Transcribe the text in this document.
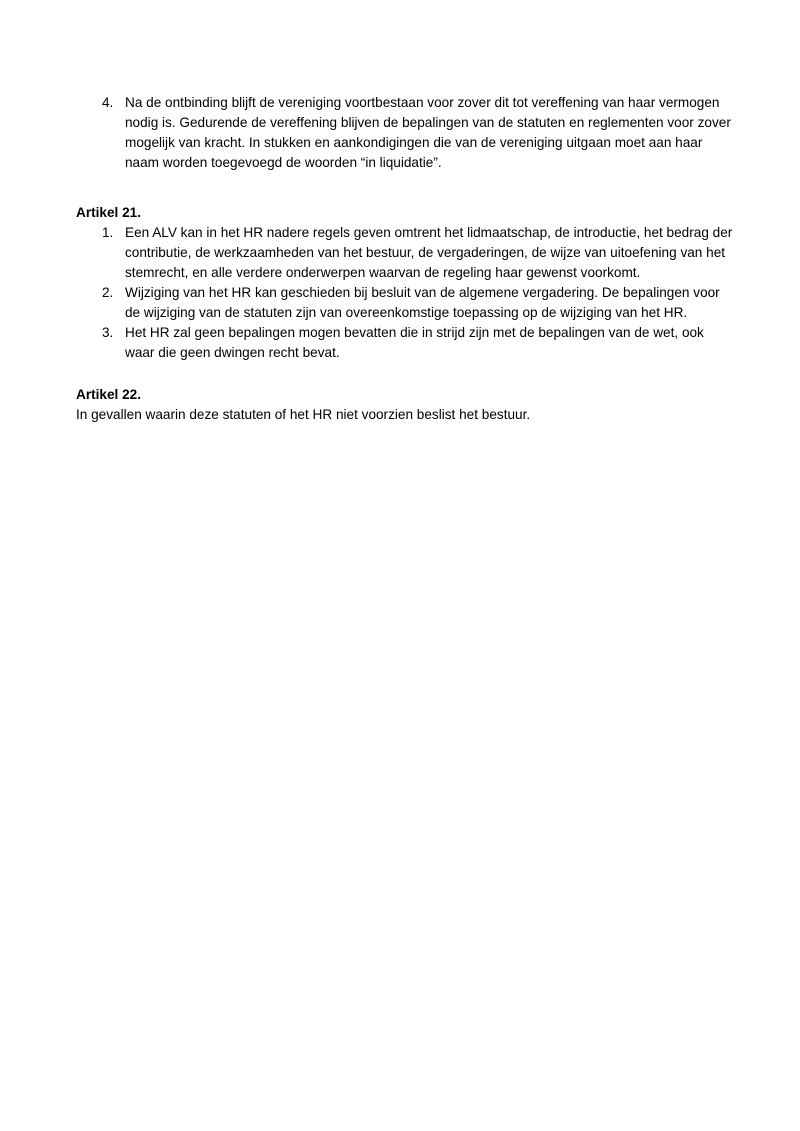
4. Na de ontbinding blijft de vereniging voortbestaan voor zover dit tot vereffening van haar vermogen nodig is. Gedurende de vereffening blijven de bepalingen van de statuten en reglementen voor zover mogelijk van kracht. In stukken en aankondigingen die van de vereniging uitgaan moet aan haar naam worden toegevoegd de woorden “in liquidatie”.
Artikel 21.
1. Een ALV kan in het HR nadere regels geven omtrent het lidmaatschap, de introductie, het bedrag der contributie, de werkzaamheden van het bestuur, de vergaderingen, de wijze van uitoefening van het stemrecht, en alle verdere onderwerpen waarvan de regeling haar gewenst voorkomt.
2. Wijziging van het HR kan geschieden bij besluit van de algemene vergadering. De bepalingen voor de wijziging van de statuten zijn van overeenkomstige toepassing op de wijziging van het HR.
3. Het HR zal geen bepalingen mogen bevatten die in strijd zijn met de bepalingen van de wet, ook waar die geen dwingen recht bevat.
Artikel 22.
In gevallen waarin deze statuten of het HR niet voorzien beslist het bestuur.
